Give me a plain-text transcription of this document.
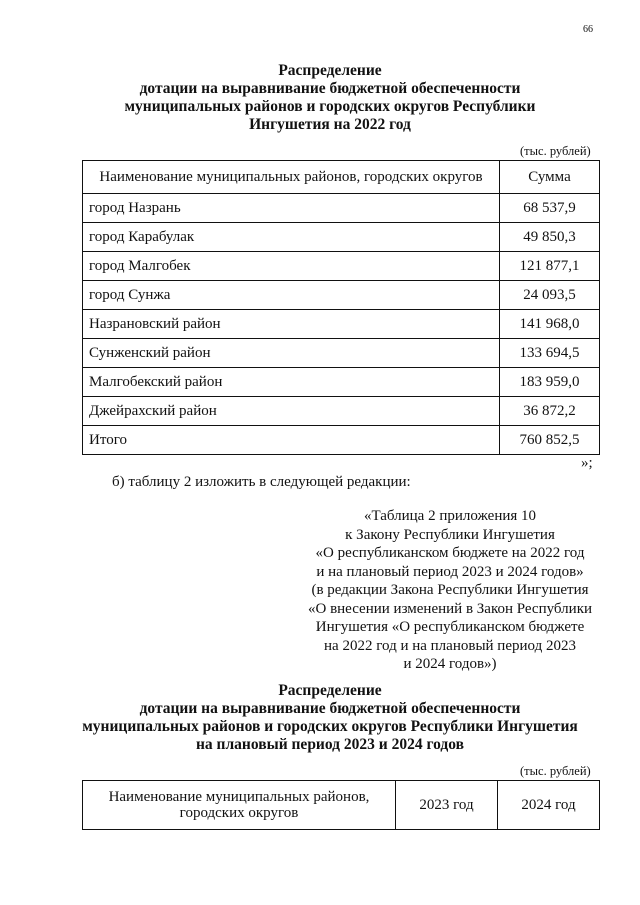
66
Распределение
дотации на выравнивание бюджетной обеспеченности
муниципальных районов и городских округов Республики
Ингушетия на 2022 год
(тыс. рублей)
Наименование муниципальных районов, городских округов	Сумма
город Назрань	68 537,9
город Карабулак	49 850,3
город Малгобек	121 877,1
город Сунжа	24 093,5
Назрановский район	141 968,0
Сунженский район	133 694,5
Малгобекский район	183 959,0
Джейрахский район	36 872,2
Итого	760 852,5
»;
б) таблицу 2 изложить в следующей редакции:
«Таблица 2 приложения 10
к Закону Республики Ингушетия
«О республиканском бюджете на 2022 год
и на плановый период 2023 и 2024 годов»
(в редакции Закона Республики Ингушетия
«О внесении изменений в Закон Республики
Ингушетия «О республиканском бюджете
на 2022 год и на плановый период 2023
и 2024 годов»)
Распределение
дотации на выравнивание бюджетной обеспеченности
муниципальных районов и городских округов Республики Ингушетия
на плановый период 2023 и 2024 годов
(тыс. рублей)
Наименование муниципальных районов,
городских округов	2023 год	2024 год
